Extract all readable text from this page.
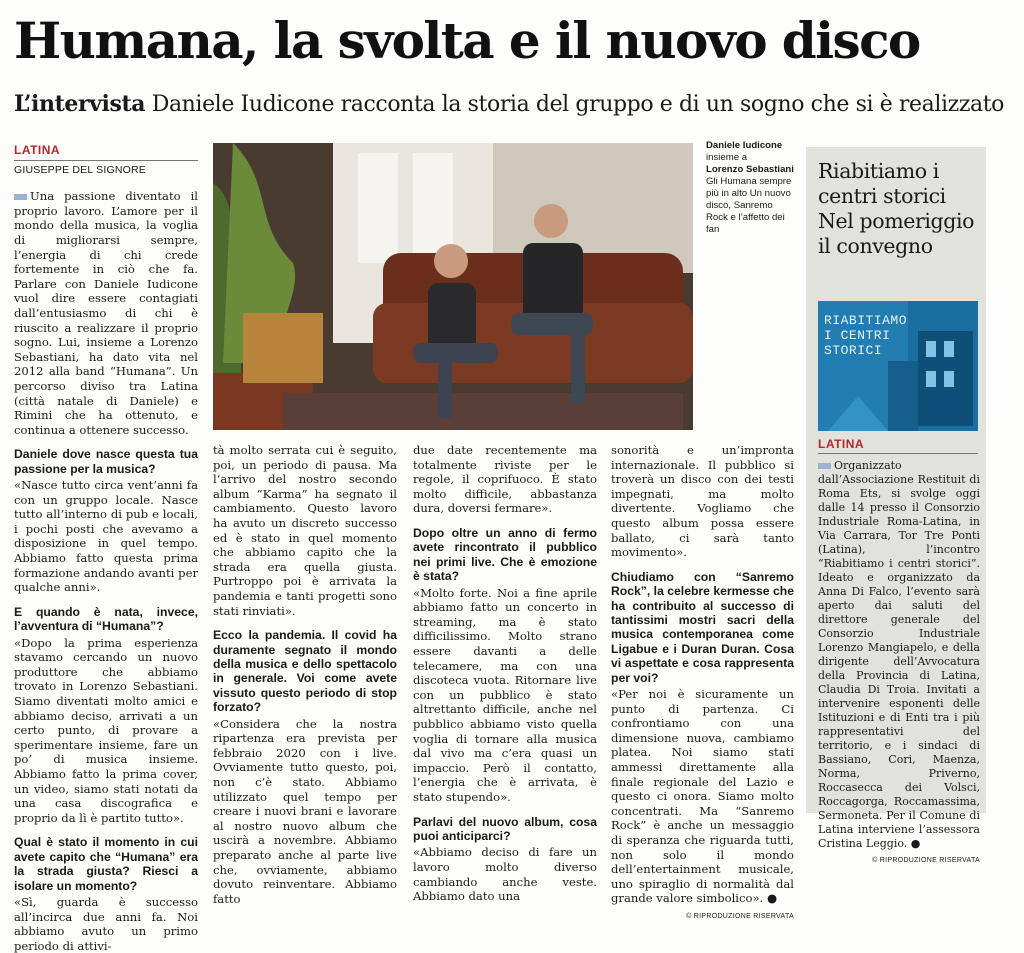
Humana, la svolta e il nuovo disco
L’intervista Daniele Iudicone racconta la storia del gruppo e di un sogno che si è realizzato
LATINA
GIUSEPPE DEL SIGNORE

Una passione diventato il proprio lavoro. L’amore per il mondo della musica, la voglia di migliorarsi sempre, l’energia di chi crede fortemente in ciò che fa. Parlare con Daniele Iudicone vuol dire essere contagiati dall’entusiasmo di chi è riuscito a realizzare il proprio sogno. Lui, insieme a Lorenzo Sebastiani, ha dato vita nel 2012 alla band “Humana”. Un percorso diviso tra Latina (città natale di Daniele) e Rimini che ha ottenuto, e continua a ottenere successo.

Daniele dove nasce questa tua passione per la musica?

«Nasce tutto circa vent’anni fa con un gruppo locale. Nasce tutto all’interno di pub e locali, i pochi posti che avevamo a disposizione in quel tempo. Abbiamo fatto questa prima formazione andando avanti per qualche anni».

E quando è nata, invece, l’avventura di “Humana”?

«Dopo la prima esperienza stavamo cercando un nuovo produttore che abbiamo trovato in Lorenzo Sebastiani. Siamo diventati molto amici e abbiamo deciso, arrivati a un certo punto, di provare a sperimentare insieme, fare un po’ di musica insieme. Abbiamo fatto la prima cover, un video, siamo stati notati da una casa discografica e proprio da lì è partito tutto».

Qual è stato il momento in cui avete capito che “Humana” era la strada giusta? Riesci a isolare un momento?

«Sì, guarda è successo all’incirca due anni fa. Noi abbiamo avuto un primo periodo di attivi-

Daniele Iudicone
insieme a
Lorenzo Sebastiani
Gli Humana sempre più in alto Un nuovo disco, Sanremo Rock e l’affetto dei fan

tà molto serrata cui è seguito, poi, un periodo di pausa. Ma l’arrivo del nostro secondo album “Karma” ha segnato il cambiamento. Questo lavoro ha avuto un discreto successo ed è stato in quel momento che abbiamo capito che la strada era quella giusta. Purtroppo poi è arrivata la pandemia e tanti progetti sono stati rinviati».

Ecco la pandemia. Il covid ha duramente segnato il mondo della musica e dello spettacolo in generale. Voi come avete vissuto questo periodo di stop forzato?

«Considera che la nostra ripartenza era prevista per febbraio 2020 con i live. Ovviamente tutto questo, poi, non c’è stato. Abbiamo utilizzato quel tempo per creare i nuovi brani e lavorare al nostro nuovo album che uscirà a novembre. Abbiamo preparato anche al parte live che, ovviamente, abbiamo dovuto reinventare. Abbiamo fatto

due date recentemente ma totalmente riviste per le regole, il coprifuoco. È stato molto difficile, abbastanza dura, doversi fermare».

Dopo oltre un anno di fermo avete rincontrato il pubblico nei primi live. Che è emozione è stata?

«Molto forte. Noi a fine aprile abbiamo fatto un concerto in streaming, ma è stato difficilissimo. Molto strano essere davanti a delle telecamere, ma con una discoteca vuota. Ritornare live con un pubblico è stato altrettanto difficile, anche nel pubblico abbiamo visto quella voglia di tornare alla musica dal vivo ma c’era quasi un impaccio. Però il contatto, l’energia che è arrivata, è stato stupendo».

Parlavi del nuovo album, cosa puoi anticiparci?

«Abbiamo deciso di fare un lavoro molto diverso cambiando anche veste. Abbiamo dato una

sonorità e un’impronta internazionale. Il pubblico si troverà un disco con dei testi impegnati, ma molto divertente. Vogliamo che questo album possa essere ballato, ci sarà tanto movimento».

Chiudiamo con “Sanremo Rock”, la celebre kermesse che ha contribuito al successo di tantissimi mostri sacri della musica contemporanea come Ligabue e i Duran Duran. Cosa vi aspettate e cosa rappresenta per voi?

«Per noi è sicuramente un punto di partenza. Ci confrontiamo con una dimensione nuova, cambiamo platea. Noi siamo stati ammessi direttamente alla finale regionale del Lazio e questo ci onora. Siamo molto concentrati. Ma “Sanremo Rock” è anche un messaggio di speranza che riguarda tutti, non solo il mondo dell’entertainment musicale, uno spiraglio di normalità dal grande valore simbolico». ●

© RIPRODUZIONE RISERVATA
Riabitiamo i centri storici Nel pomeriggio il convegno
RIABITIAMO
I CENTRI
STORICI
LATINA
Organizzato dall’Associazione Restituit di Roma Ets, si svolge oggi dalle 14 presso il Consorzio Industriale Roma-Latina, in Via Carrara, Tor Tre Ponti (Latina), l’incontro “Riabitiamo i centri storici”. Ideato e organizzato da Anna Di Falco, l’evento sarà aperto dai saluti del direttore generale del Consorzio Industriale Lorenzo Mangiapelo, e della dirigente dell’Avvocatura della Provincia di Latina, Claudia Di Troia. Invitati a intervenire esponenti delle Istituzioni e di Enti tra i più rappresentativi del territorio, e i sindaci di Bassiano, Cori, Maenza, Norma, Priverno, Roccasecca dei Volsci, Roccagorga, Roccamassima, Sermoneta. Per il Comune di Latina interviene l’assessora Cristina Leggio. ●
© RIPRODUZIONE RISERVATA
